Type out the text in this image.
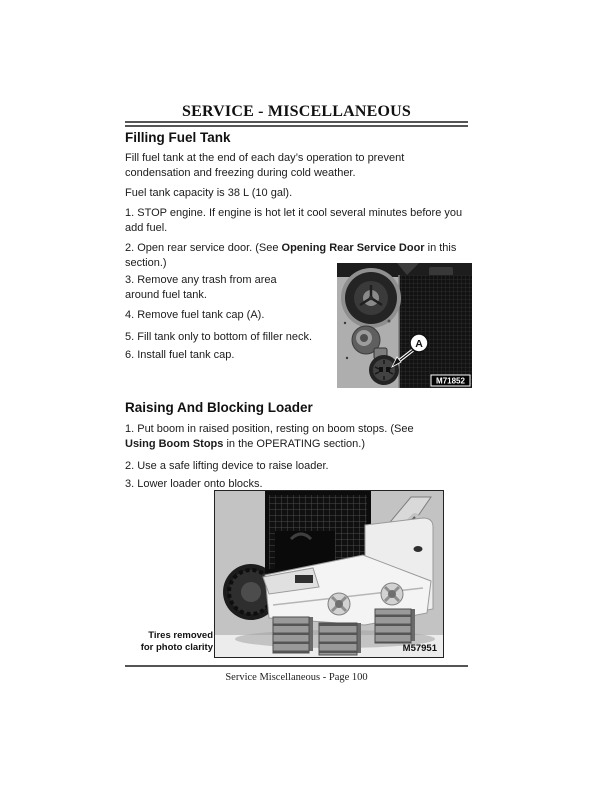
SERVICE - MISCELLANEOUS
Filling Fuel Tank
Fill fuel tank at the end of each day’s operation to prevent condensation and freezing during cold weather.
Fuel tank capacity is 38 L (10 gal).
1. STOP engine. If engine is hot let it cool several minutes before you add fuel.
2. Open rear service door. (See Opening Rear Service Door in this section.)
3. Remove any trash from area around fuel tank.
4. Remove fuel tank cap (A).
5. Fill tank only to bottom of filler neck.
6. Install fuel tank cap.
A
M71852
Raising And Blocking Loader
1. Put boom in raised position, resting on boom stops. (See Using Boom Stops in the OPERATING section.)
2. Use a safe lifting device to raise loader.
3. Lower loader onto blocks.
M57951
Tires removed
for photo clarity
Service Miscellaneous - Page 100
